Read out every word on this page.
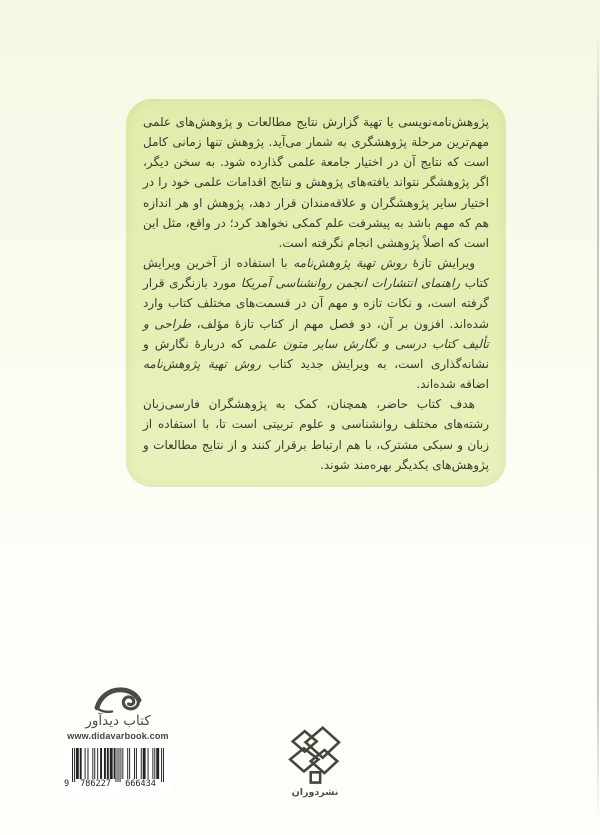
پژوهش‌نامه‌نویسی یا تهیة گزارش نتایج مطالعات و پژوهش‌های علمی مهم‌ترین مرحلة پژوهشگری به شمار می‌آید. پژوهش تنها زمانی کامل است که نتایج آن در اختیار جامعة علمی گذارده شود. به سخن دیگر، اگر پژوهشگر نتواند یافته‌های پژوهش و نتایج اقدامات علمی خود را در اختیار سایر پژوهشگران و علاقه‌مندان قرار دهد، پژوهش او هر اندازه هم که مهم باشد به پیشرفت علم کمکی نخواهد کرد؛ در واقع، مثل این است که اصلاً پژوهشی انجام نگرفته است.

ویرایش تازهٔ روش تهیة پژوهش‌نامه با استفاده از آخرین ویرایش کتاب راهنمای انتشارات انجمن روانشناسی آمریکا مورد بازنگری قرار گرفته است، و نکات تازه و مهم آن در قسمت‌های مختلف کتاب وارد شده‌اند. افزون بر آن، دو فصل مهم از کتاب تازهٔ مؤلف، طراحی و تألیف کتاب درسی و نگارش سایر متون علمی که دربارهٔ نگارش و نشانه‌گذاری است، به ویرایش جدید کتاب روش تهیة پژوهش‌نامه اضافه شده‌اند.

هدف کتاب حاضر، همچنان، کمک به پژوهشگران فارسی‌زبان رشته‌های مختلف روانشناسی و علوم تربیتی است تا، با استفاده از زبان و سبکی مشترک، با هم ارتباط برقرار کنند و از نتایج مطالعات و پژوهش‌های یکدیگر بهره‌مند شوند.

کتاب دیدآور
www.didavarbook.com
9	786227	666434
نشردوران
